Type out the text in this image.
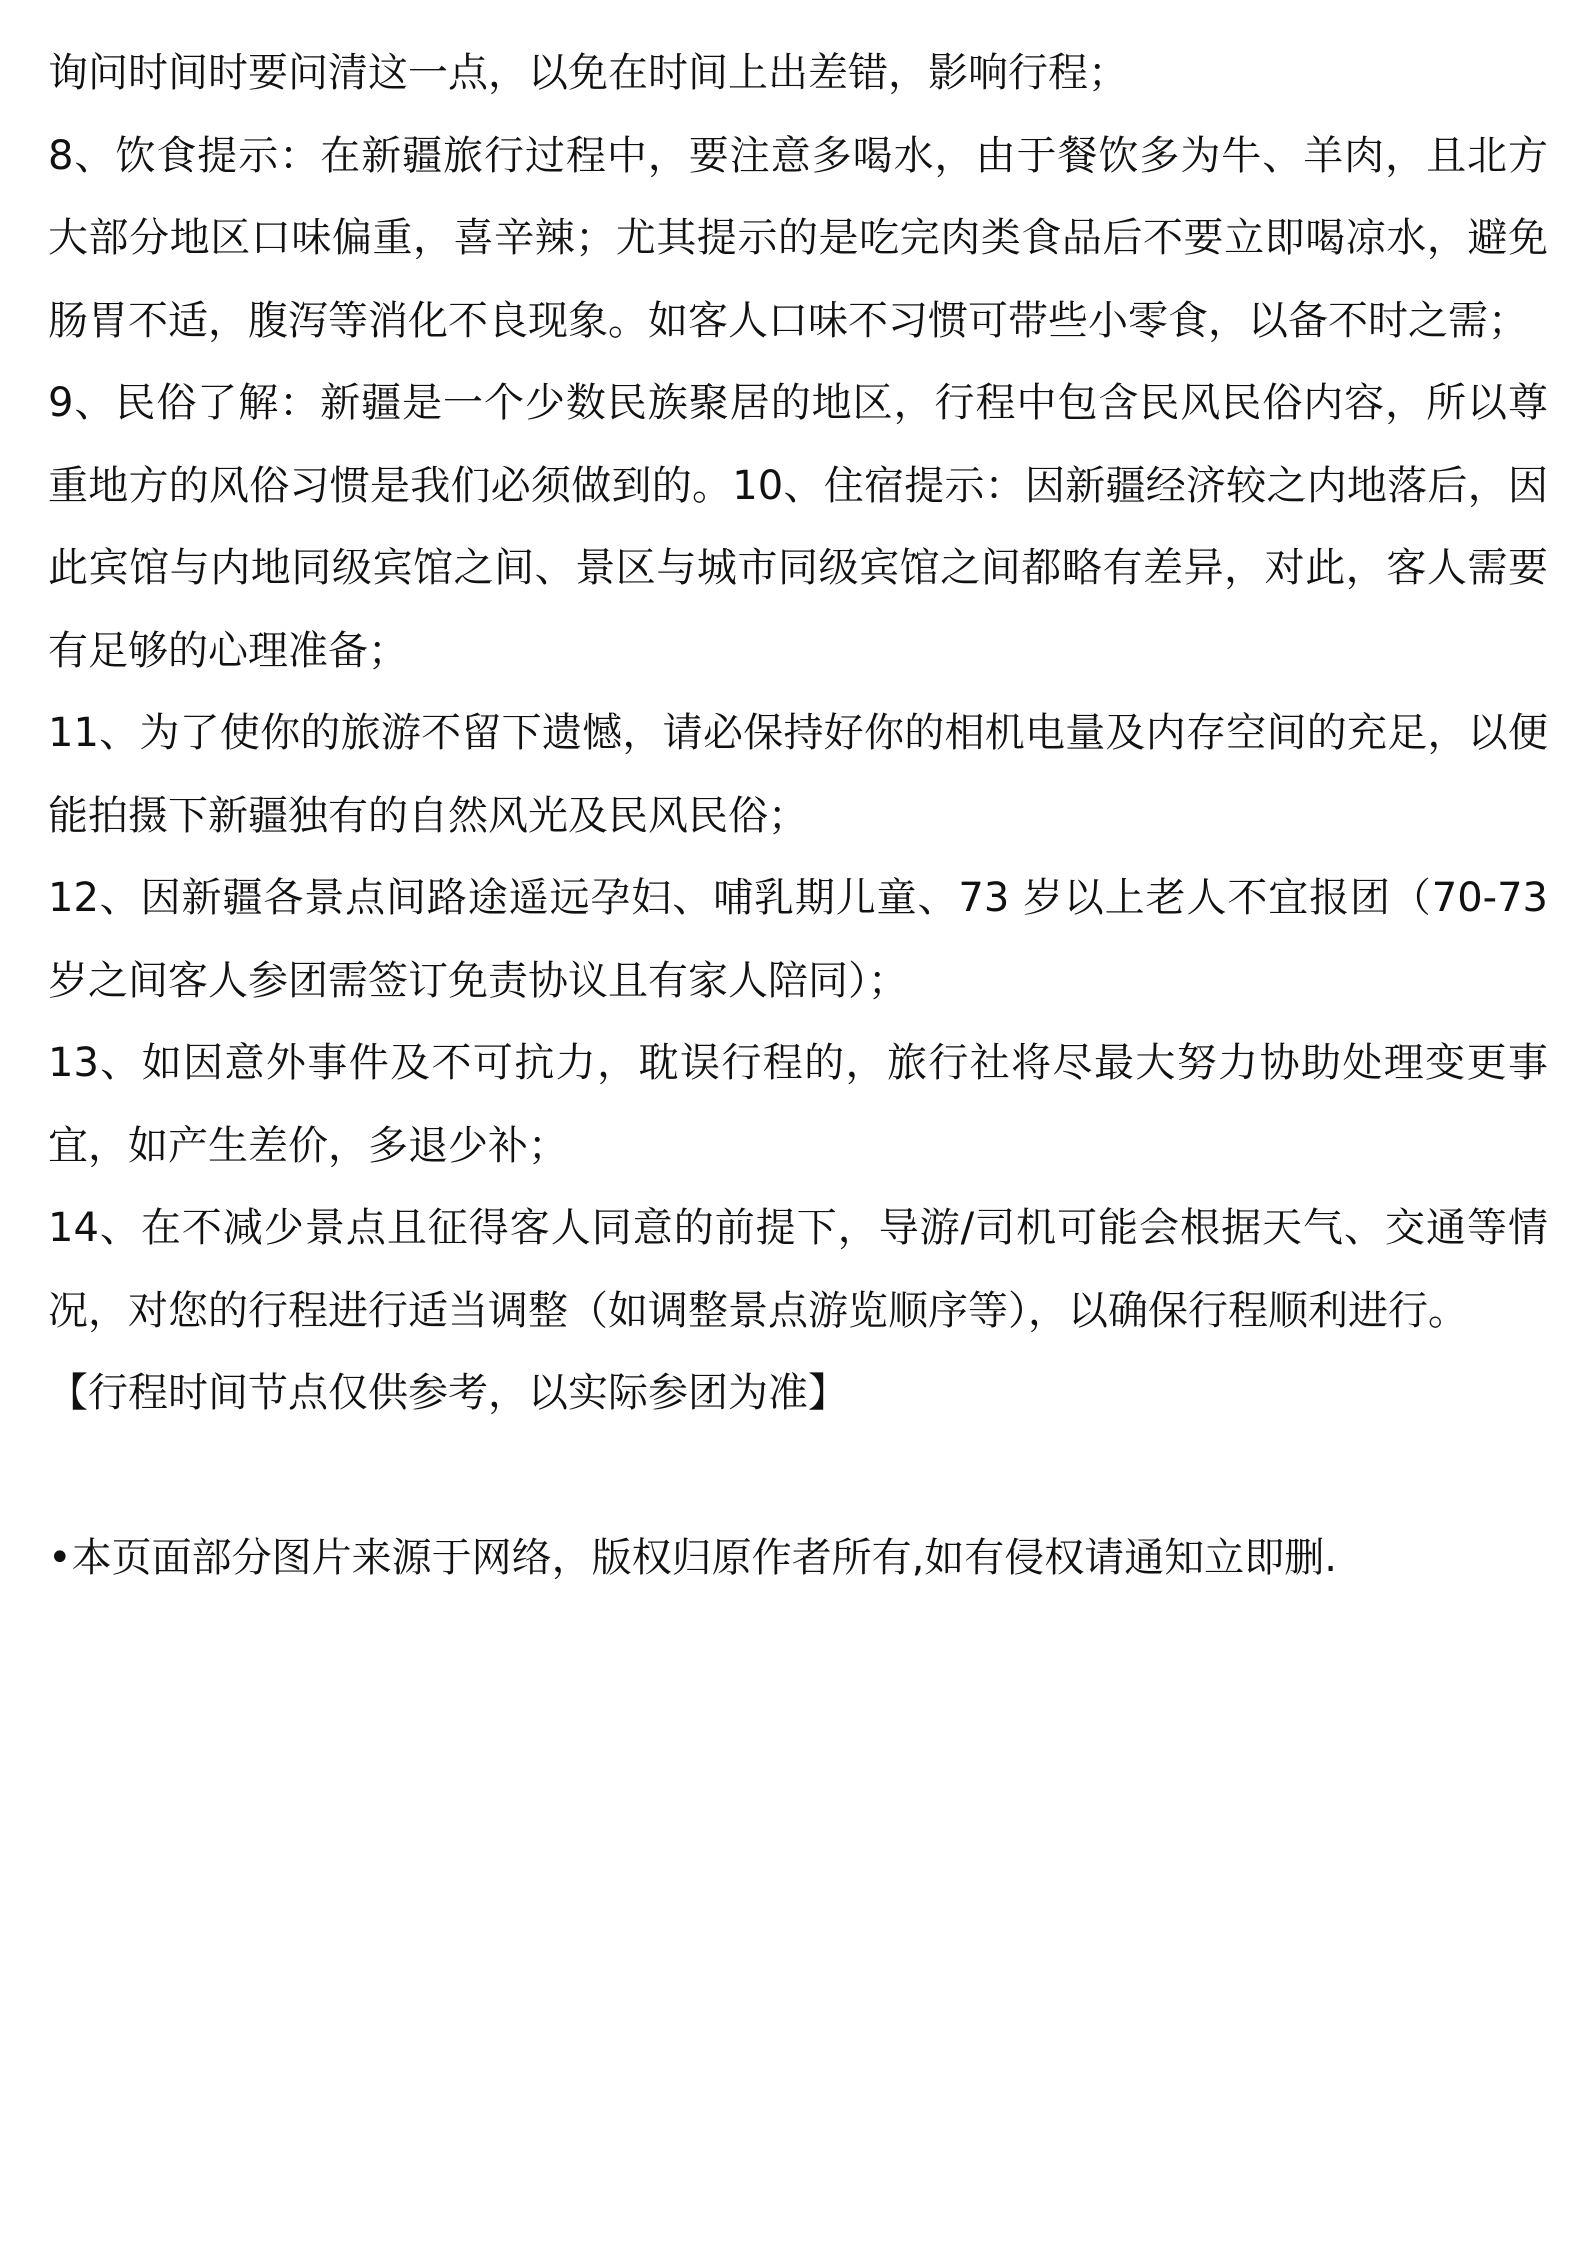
询问时间时要问清这一点，以免在时间上出差错，影响行程；

8、饮食提示：在新疆旅行过程中，要注意多喝水，由于餐饮多为牛、羊肉，且北方大部分地区口味偏重，喜辛辣；尤其提示的是吃完肉类食品后不要立即喝凉水，避免肠胃不适，腹泻等消化不良现象。如客人口味不习惯可带些小零食，以备不时之需；

9、民俗了解：新疆是一个少数民族聚居的地区，行程中包含民风民俗内容，所以尊重地方的风俗习惯是我们必须做到的。10、住宿提示：因新疆经济较之内地落后，因此宾馆与内地同级宾馆之间、景区与城市同级宾馆之间都略有差异，对此，客人需要有足够的心理准备；

11、为了使你的旅游不留下遗憾，请必保持好你的相机电量及内存空间的充足，以便能拍摄下新疆独有的自然风光及民风民俗；

12、因新疆各景点间路途遥远孕妇、哺乳期儿童、73 岁以上老人不宜报团（70-73 岁之间客人参团需签订免责协议且有家人陪同）；

13、如因意外事件及不可抗力，耽误行程的，旅行社将尽最大努力协助处理变更事宜，如产生差价，多退少补；

14、在不减少景点且征得客人同意的前提下，导游/司机可能会根据天气、交通等情况，对您的行程进行适当调整（如调整景点游览顺序等），以确保行程顺利进行。

【行程时间节点仅供参考，以实际参团为准】

•本页面部分图片来源于网络，版权归原作者所有,如有侵权请通知立即删.
